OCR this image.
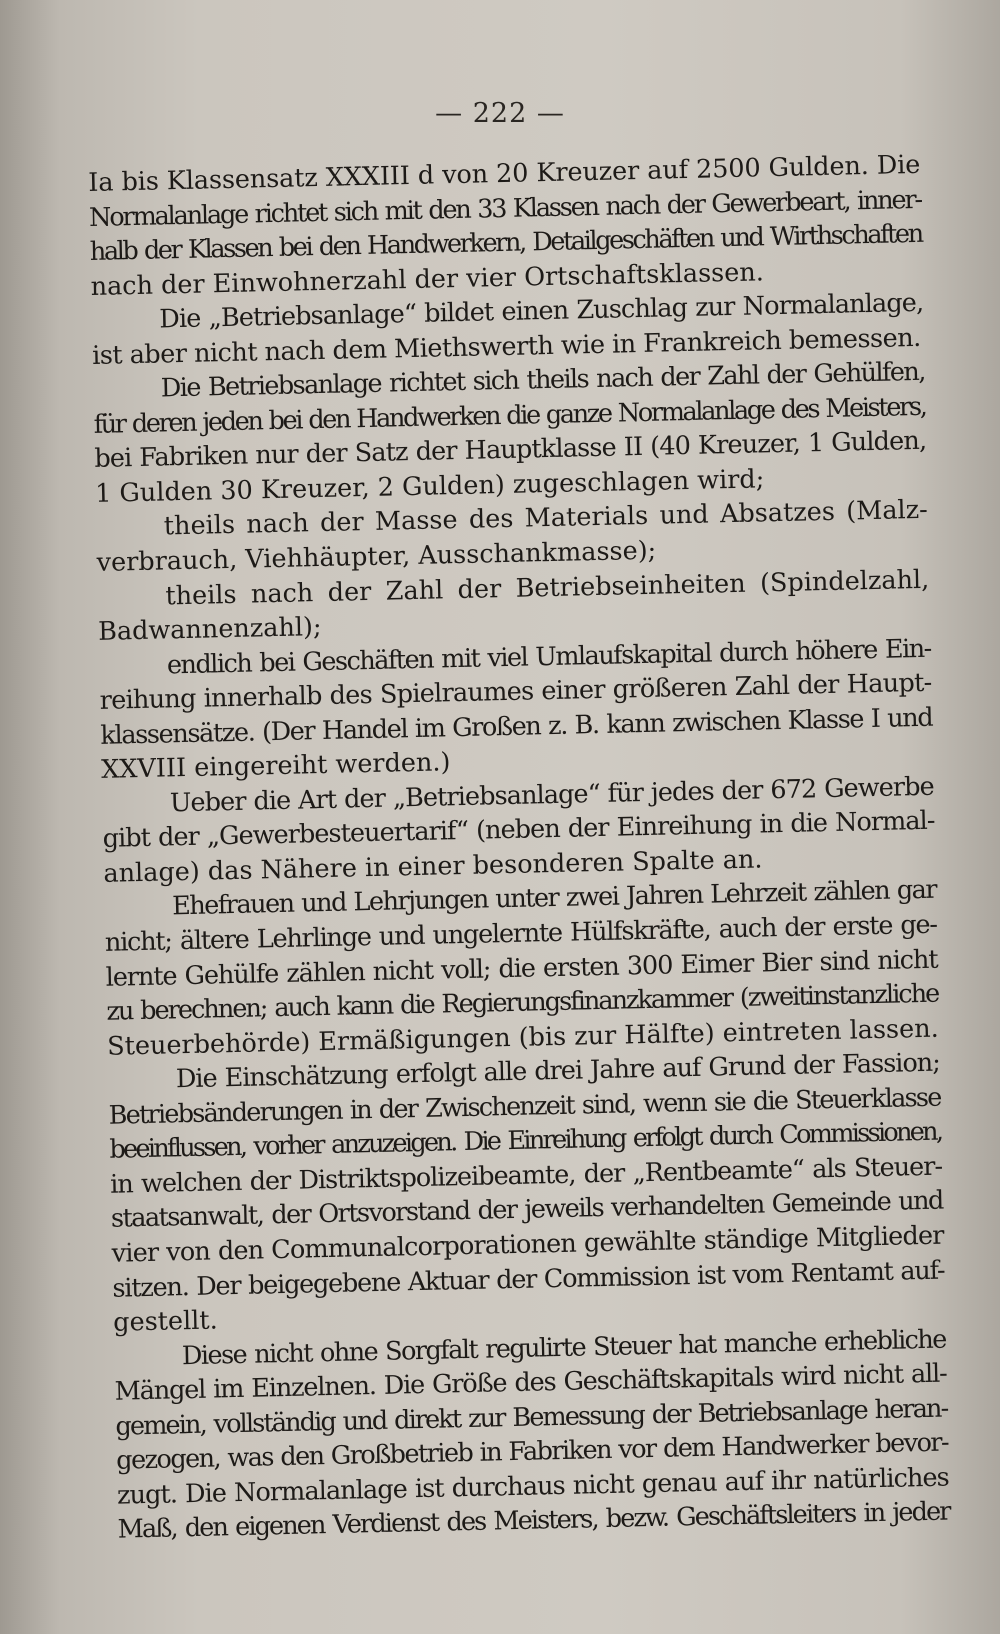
— 222 —
Ia bis Klassensatz XXXIII d von 20 Kreuzer auf 2500 Gulden. Die
Normalanlage richtet sich mit den 33 Klassen nach der Gewerbeart, inner-
halb der Klassen bei den Handwerkern, Detailgeschäften und Wirthschaften
nach der Einwohnerzahl der vier Ortschaftsklassen.
Die „Betriebsanlage“ bildet einen Zuschlag zur Normalanlage,
ist aber nicht nach dem Miethswerth wie in Frankreich bemessen.
Die Betriebsanlage richtet sich theils nach der Zahl der Gehülfen,
für deren jeden bei den Handwerken die ganze Normalanlage des Meisters,
bei Fabriken nur der Satz der Hauptklasse II (40 Kreuzer, 1 Gulden,
1 Gulden 30 Kreuzer, 2 Gulden) zugeschlagen wird;
theils nach der Masse des Materials und Absatzes (Malz-
verbrauch, Viehhäupter, Ausschankmasse);
theils nach der Zahl der Betriebseinheiten (Spindelzahl,
Badwannenzahl);
endlich bei Geschäften mit viel Umlaufskapital durch höhere Ein-
reihung innerhalb des Spielraumes einer größeren Zahl der Haupt-
klassensätze. (Der Handel im Großen z. B. kann zwischen Klasse I und
XXVIII eingereiht werden.)
Ueber die Art der „Betriebsanlage“ für jedes der 672 Gewerbe
gibt der „Gewerbesteuertarif“ (neben der Einreihung in die Normal-
anlage) das Nähere in einer besonderen Spalte an.
Ehefrauen und Lehrjungen unter zwei Jahren Lehrzeit zählen gar
nicht; ältere Lehrlinge und ungelernte Hülfskräfte, auch der erste ge-
lernte Gehülfe zählen nicht voll; die ersten 300 Eimer Bier sind nicht
zu berechnen; auch kann die Regierungsfinanzkammer (zweitinstanzliche
Steuerbehörde) Ermäßigungen (bis zur Hälfte) eintreten lassen.
Die Einschätzung erfolgt alle drei Jahre auf Grund der Fassion;
Betriebsänderungen in der Zwischenzeit sind, wenn sie die Steuerklasse
beeinflussen, vorher anzuzeigen. Die Einreihung erfolgt durch Commissionen,
in welchen der Distriktspolizeibeamte, der „Rentbeamte“ als Steuer-
staatsanwalt, der Ortsvorstand der jeweils verhandelten Gemeinde und
vier von den Communalcorporationen gewählte ständige Mitglieder
sitzen. Der beigegebene Aktuar der Commission ist vom Rentamt auf-
gestellt.
Diese nicht ohne Sorgfalt regulirte Steuer hat manche erhebliche
Mängel im Einzelnen. Die Größe des Geschäftskapitals wird nicht all-
gemein, vollständig und direkt zur Bemessung der Betriebsanlage heran-
gezogen, was den Großbetrieb in Fabriken vor dem Handwerker bevor-
zugt. Die Normalanlage ist durchaus nicht genau auf ihr natürliches
Maß, den eigenen Verdienst des Meisters, bezw. Geschäftsleiters in jeder
